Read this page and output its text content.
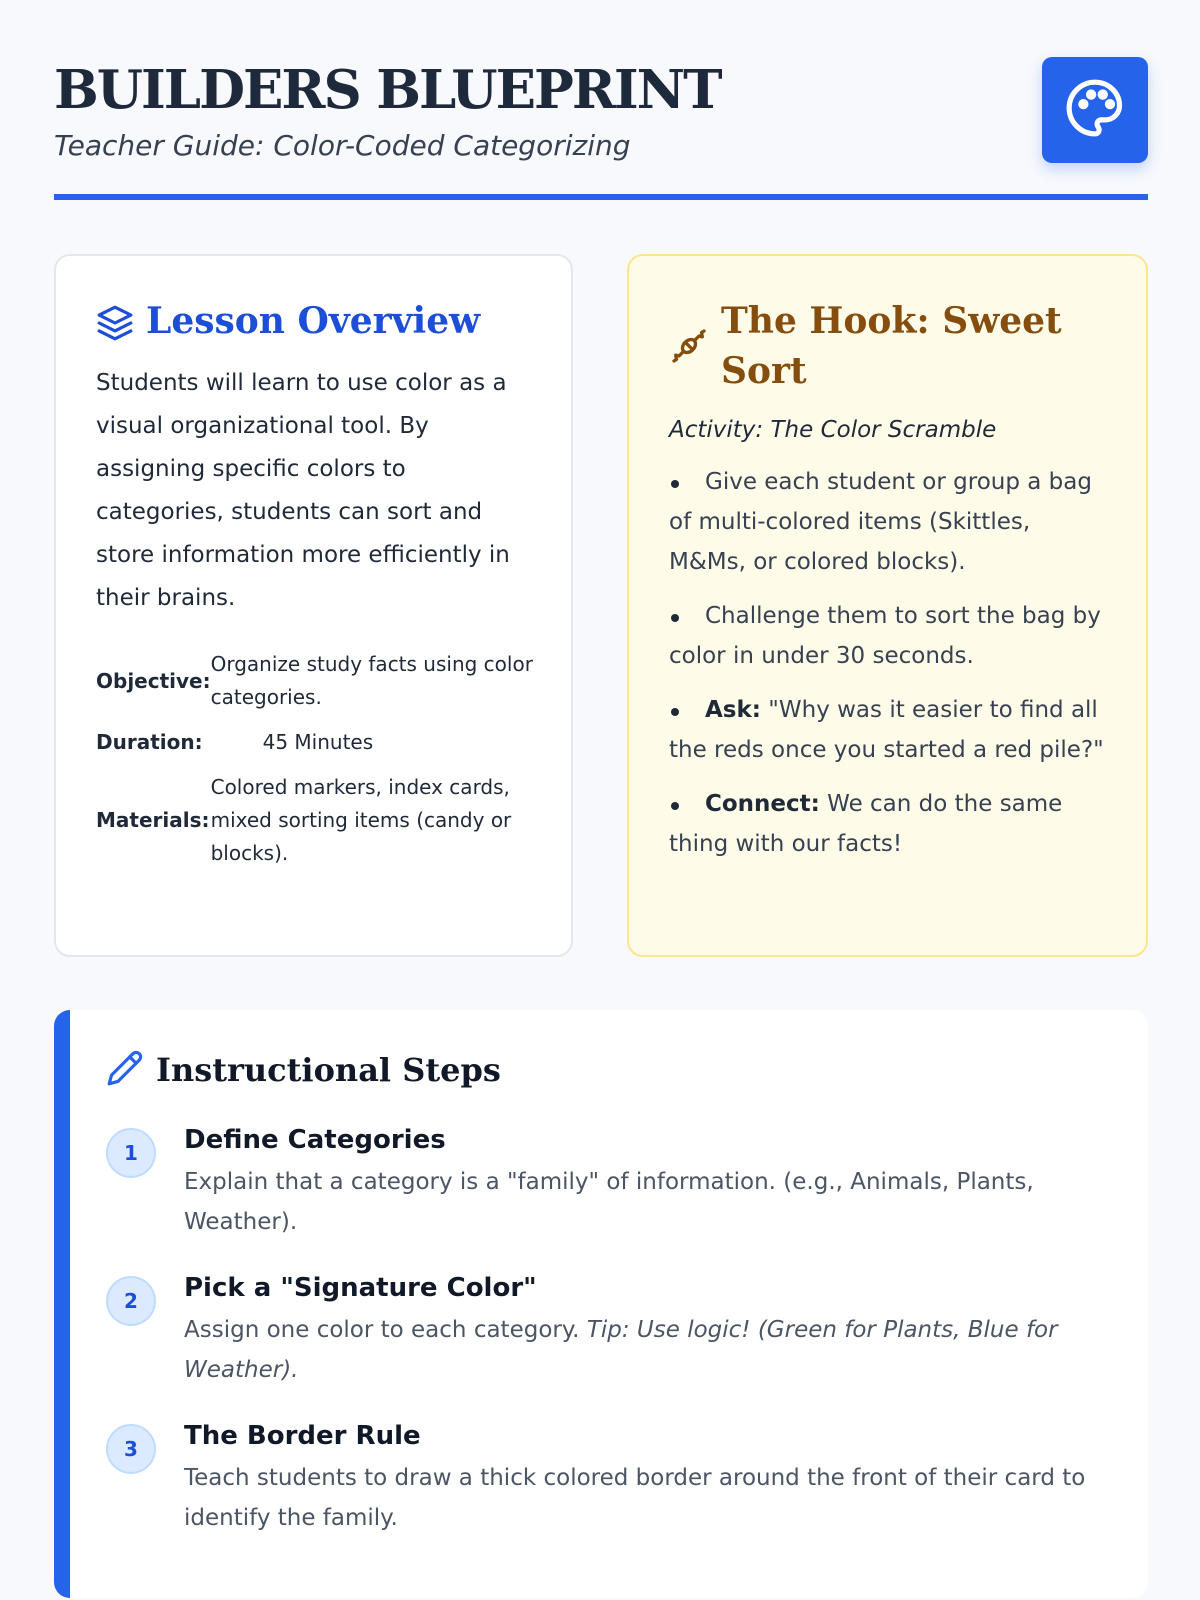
BUILDERS BLUEPRINT
Teacher Guide: Color-Coded Categorizing
Lesson Overview

Students will learn to use color as a visual organizational tool. By assigning specific colors to categories, students can sort and store information more efficiently in their brains.

Objective:	Organize study facts using color categories.
Duration:	45 Minutes
Materials:	Colored markers, index cards, mixed sorting items (candy or blocks).
The Hook: Sweet Sort
Activity: The Color Scramble
Give each student or group a bag of multi-colored items (Skittles, M&Ms, or colored blocks).
Challenge them to sort the bag by color in under 30 seconds.
Ask: "Why was it easier to find all the reds once you started a red pile?"
Connect: We can do the same thing with our facts!
Instructional Steps
1	Define Categories
Explain that a category is a "family" of information. (e.g., Animals, Plants, Weather).
2	Pick a "Signature Color"
Assign one color to each category. Tip: Use logic! (Green for Plants, Blue for Weather).
3	The Border Rule
Teach students to draw a thick colored border around the front of their card to identify the family.
